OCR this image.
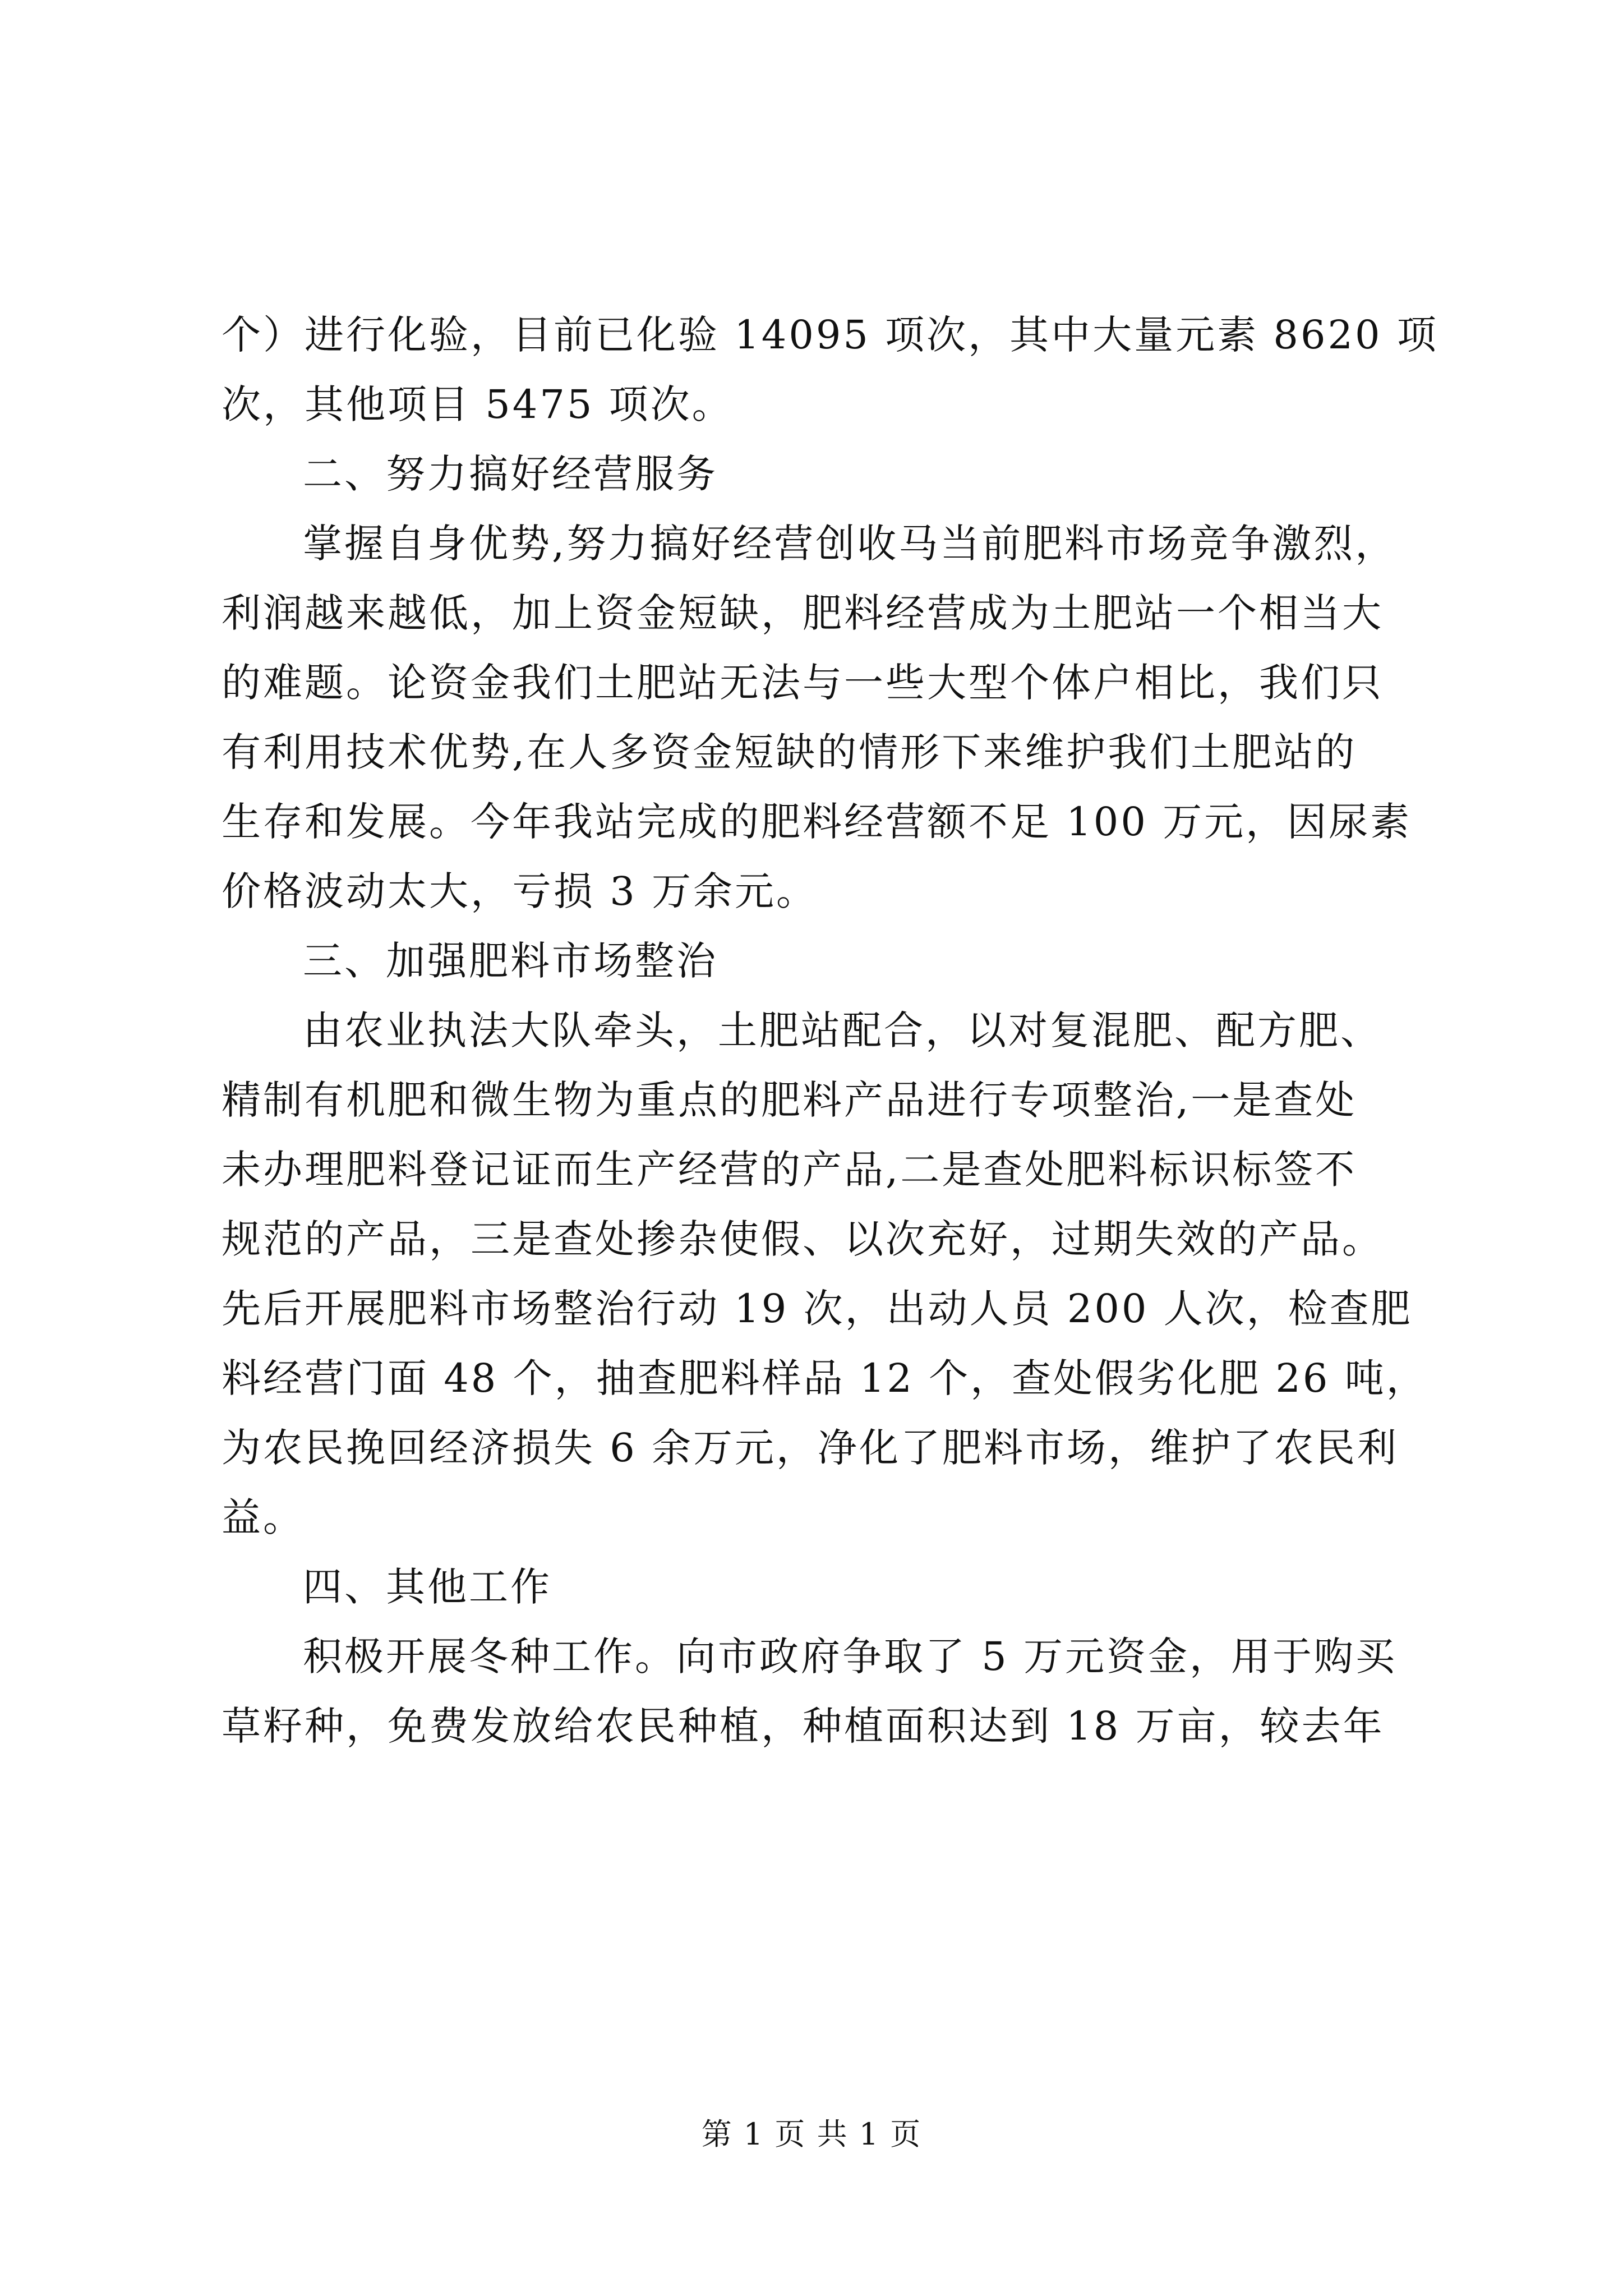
个）进行化验，目前已化验 14095 项次，其中大量元素 8620 项
次，其他项目 5475 项次。
二、努力搞好经营服务
掌握自身优势,努力搞好经营创收马当前肥料市场竞争激烈，
利润越来越低，加上资金短缺，肥料经营成为土肥站一个相当大
的难题。论资金我们土肥站无法与一些大型个体户相比，我们只
有利用技术优势,在人多资金短缺的情形下来维护我们土肥站的
生存和发展。今年我站完成的肥料经营额不足 100 万元，因尿素
价格波动太大，亏损 3 万余元。
三、加强肥料市场整治
由农业执法大队牵头，土肥站配合，以对复混肥、配方肥、
精制有机肥和微生物为重点的肥料产品进行专项整治,一是查处
未办理肥料登记证而生产经营的产品,二是查处肥料标识标签不
规范的产品，三是查处掺杂使假、以次充好，过期失效的产品。
先后开展肥料市场整治行动 19 次，出动人员 200 人次，检查肥
料经营门面 48 个，抽查肥料样品 12 个，查处假劣化肥 26 吨，
为农民挽回经济损失 6 余万元，净化了肥料市场，维护了农民利
益。
四、其他工作
积极开展冬种工作。向市政府争取了 5 万元资金，用于购买
草籽种，免费发放给农民种植，种植面积达到 18 万亩，较去年
第 1 页 共 1 页
